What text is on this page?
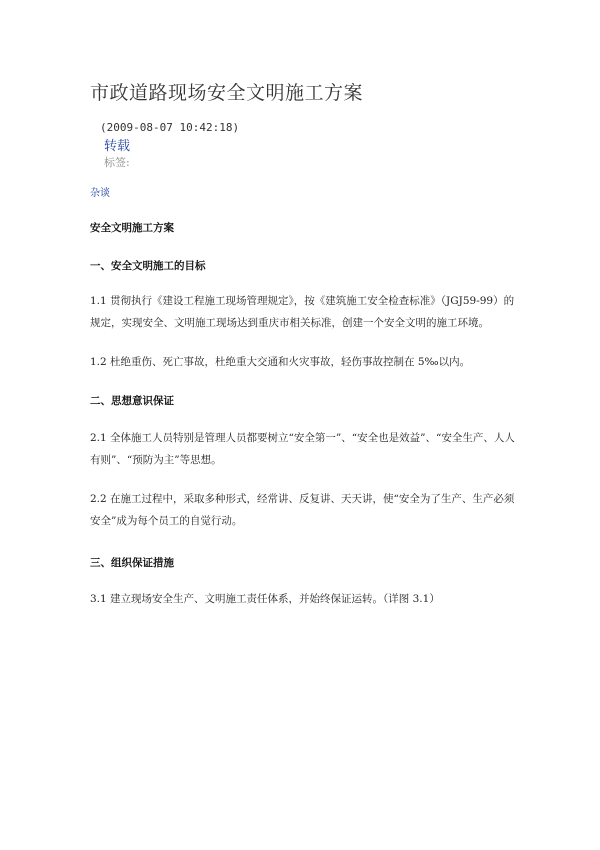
市政道路现场安全文明施工方案
(2009-08-07 10:42:18)
转载
标签:
杂谈
安全文明施工方案
一、安全文明施工的目标
1.1 贯彻执行《建设工程施工现场管理规定》，按《建筑施工安全检查标准》（JGJ59-99）的规定，实现安全、文明施工现场达到重庆市相关标准，创建一个安全文明的施工环境。
1.2 杜绝重伤、死亡事故，杜绝重大交通和火灾事故，轻伤事故控制在 5‰以内。
二、思想意识保证
2.1 全体施工人员特别是管理人员都要树立“安全第一”、“安全也是效益”、“安全生产、人人有则”、“预防为主”等思想。
2.2 在施工过程中，采取多种形式，经常讲、反复讲、天天讲，使“安全为了生产、生产必须安全”成为每个员工的自觉行动。
三、组织保证措施
3.1 建立现场安全生产、文明施工责任体系，并始终保证运转。（详图 3.1）
